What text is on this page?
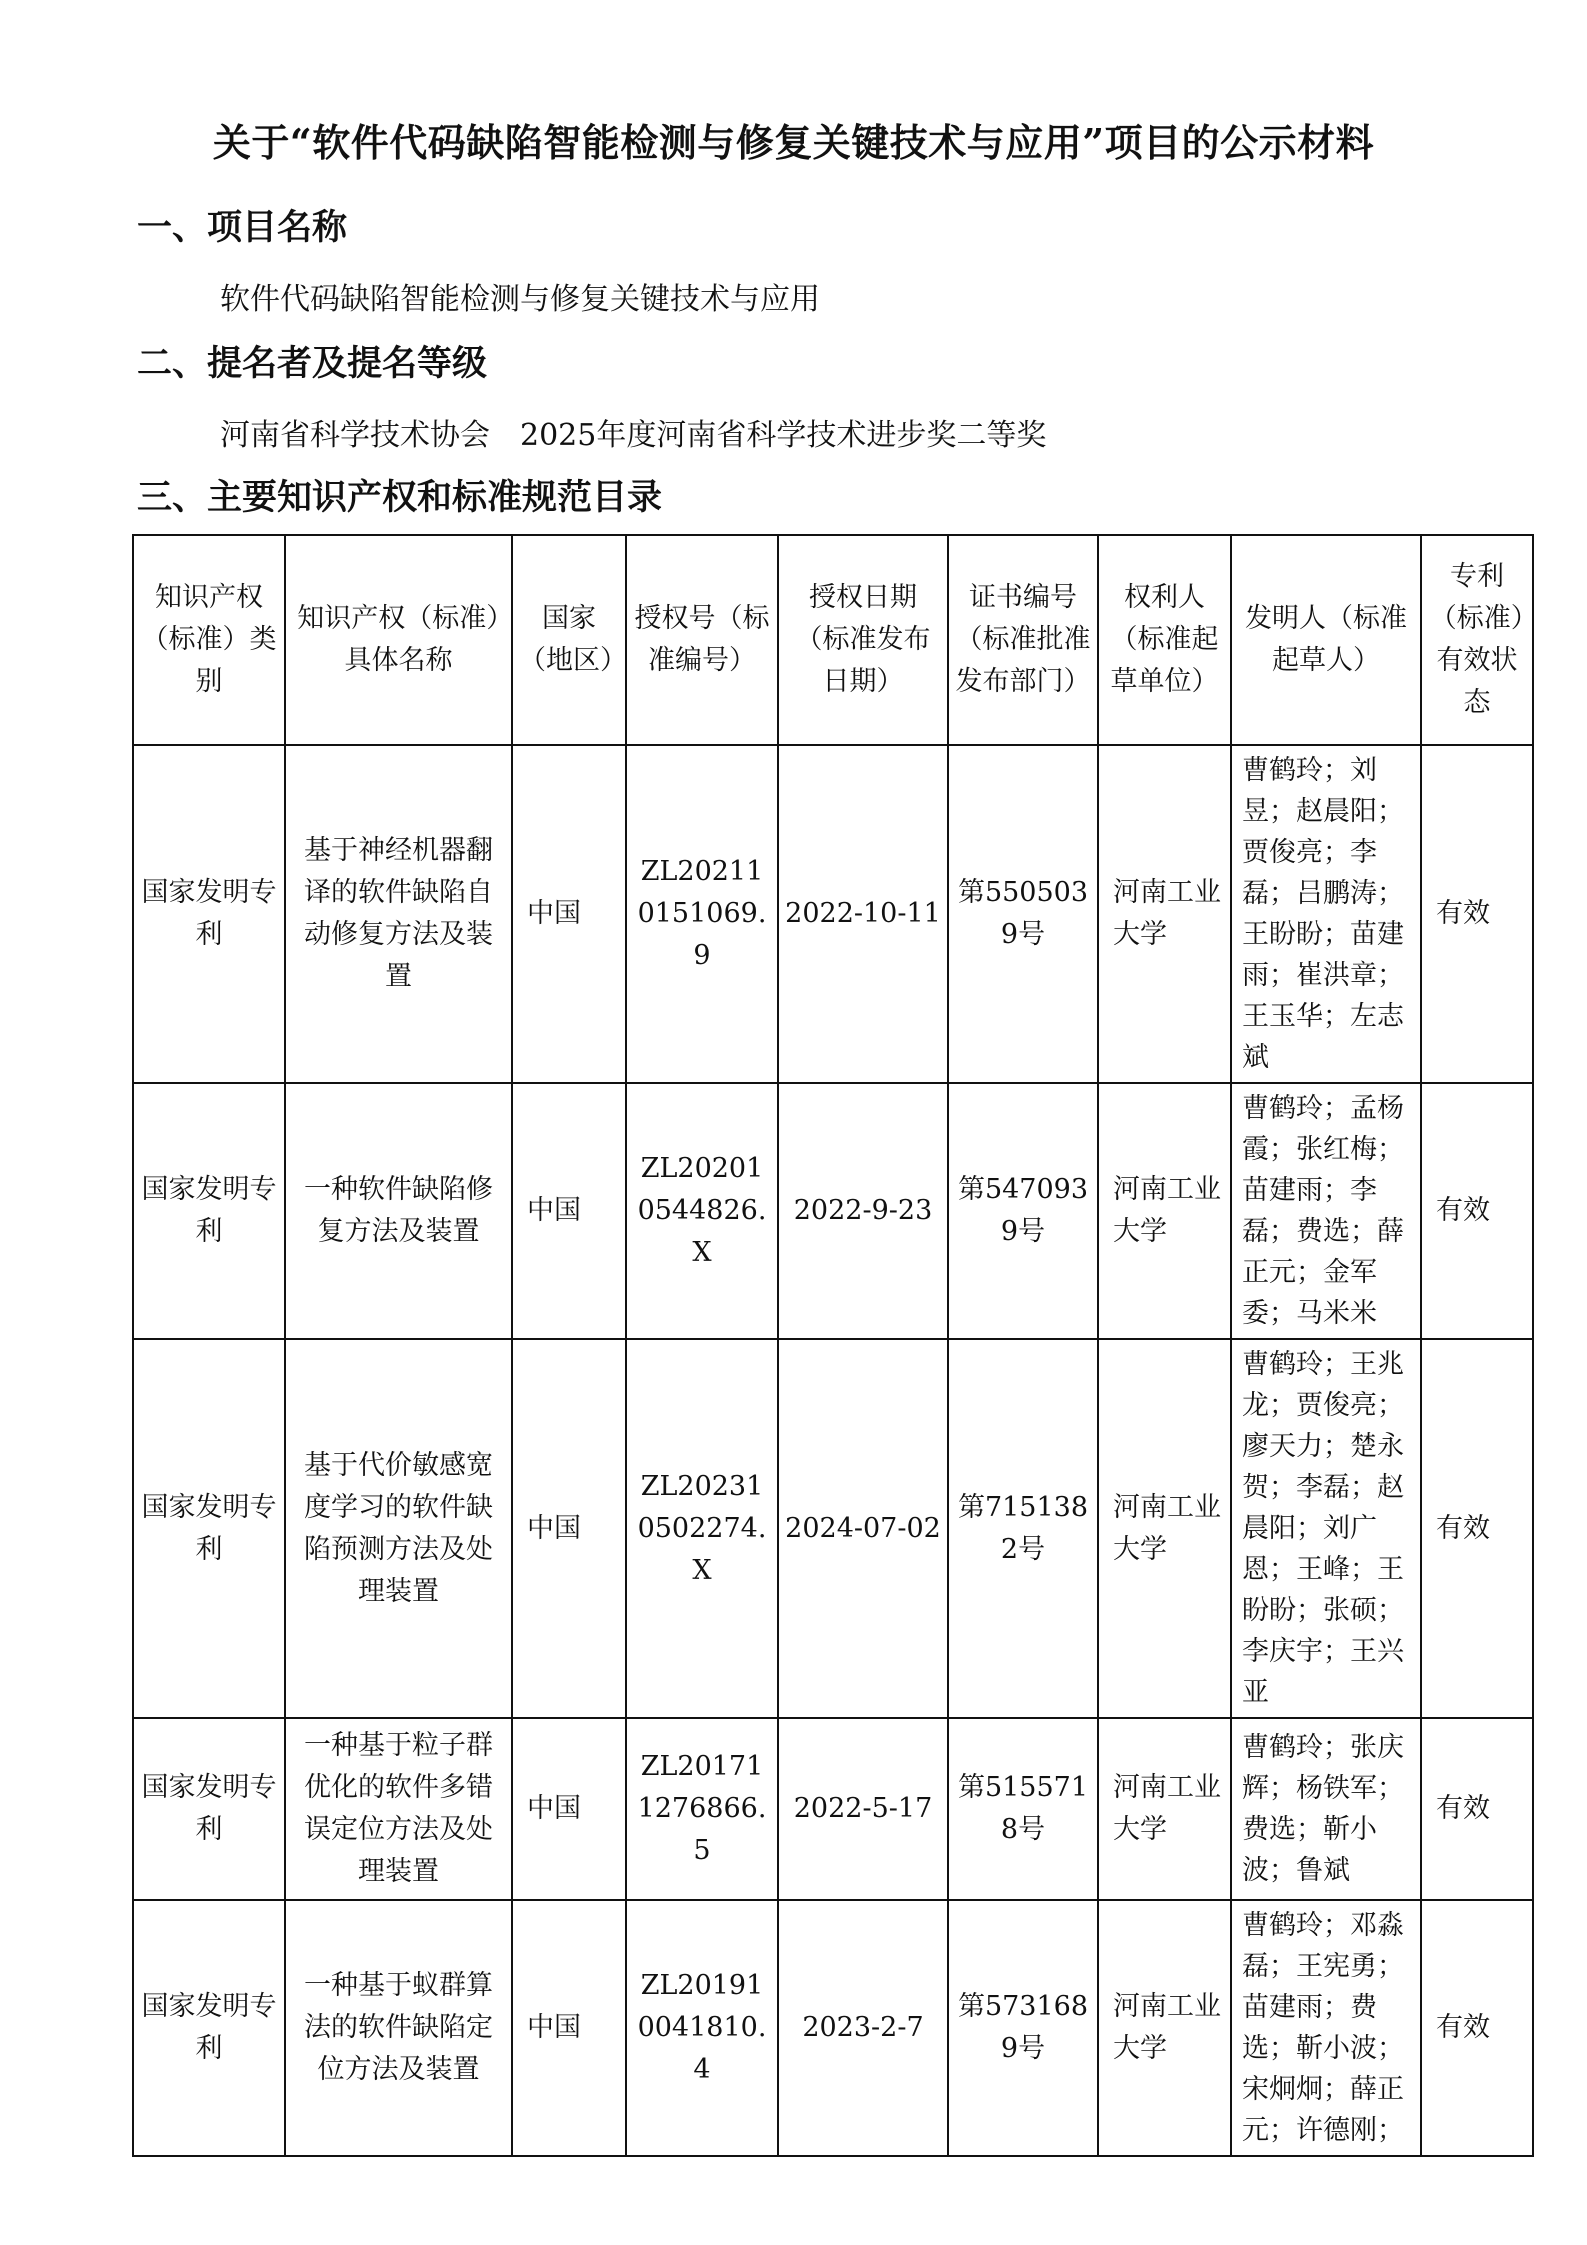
关于“软件代码缺陷智能检测与修复关键技术与应用”项目的公示材料
一、项目名称

软件代码缺陷智能检测与修复关键技术与应用

二、提名者及提名等级

河南省科学技术协会　2025年度河南省科学技术进步奖二等奖

三、主要知识产权和标准规范目录
知识产权（标准）类别	知识产权（标准）具体名称	国家（地区）	授权号（标准编号）	授权日期（标准发布日期）	证书编号（标准批准发布部门）	权利人（标准起草单位）	发明人（标准起草人）	专利（标准）有效状态
国家发明专利	基于神经机器翻译的软件缺陷自动修复方法及装置	中国	ZL202110151069.9	2022-10-11	第5505039号	河南工业大学	曹鹤玲；刘昱；赵晨阳；贾俊亮；李磊；吕鹏涛；王盼盼；苗建雨；崔洪章；王玉华；左志斌	有效
国家发明专利	一种软件缺陷修复方法及装置	中国	ZL202010544826.X	2022-9-23	第5470939号	河南工业大学	曹鹤玲；孟杨霞；张红梅；苗建雨；李磊；费选；薛正元；金军委；马米米	有效
国家发明专利	基于代价敏感宽度学习的软件缺陷预测方法及处理装置	中国	ZL202310502274.X	2024-07-02	第7151382号	河南工业大学	曹鹤玲；王兆龙；贾俊亮；廖天力；楚永贺；李磊；赵晨阳；刘广恩；王峰；王盼盼；张硕；李庆宇；王兴亚	有效
国家发明专利	一种基于粒子群优化的软件多错误定位方法及处理装置	中国	ZL201711276866.5	2022-5-17	第5155718号	河南工业大学	曹鹤玲；张庆辉；杨铁军；费选；靳小波；鲁斌	有效
国家发明专利	一种基于蚁群算法的软件缺陷定位方法及装置	中国	ZL201910041810.4	2023-2-7	第5731689号	河南工业大学	曹鹤玲；邓淼磊；王宪勇；苗建雨；费选；靳小波；宋炯炯；薛正元；许德刚；	有效
